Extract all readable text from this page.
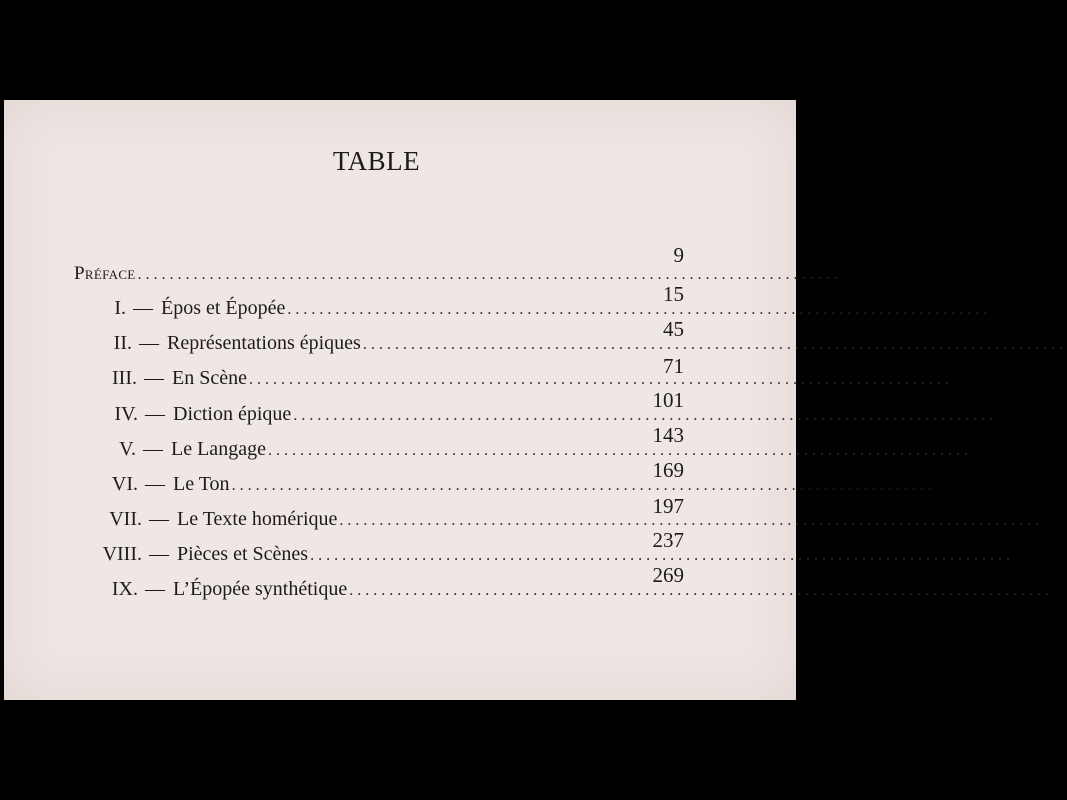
TABLE
Préface ........................................................................................
9
I. — Épos et Épopée ........................................................................................
15
II. — Représentations épiques ........................................................................................
45
III. — En Scène ........................................................................................
71
IV. — Diction épique ........................................................................................
101
V. — Le Langage ........................................................................................
143
VI. — Le Ton ........................................................................................
169
VII. — Le Texte homérique ........................................................................................
197
VIII. — Pièces et Scènes ........................................................................................
237
IX. — L’Épopée synthétique ........................................................................................
269
